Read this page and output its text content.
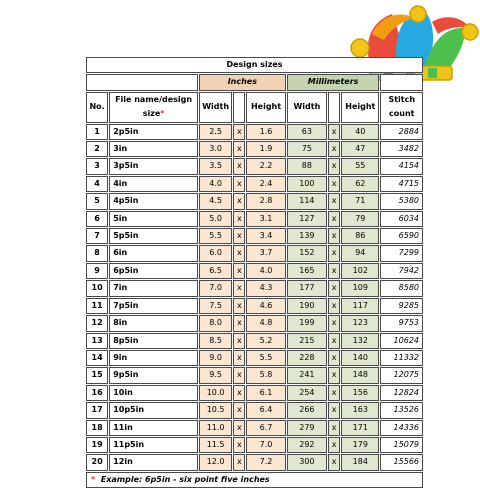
Design sizes								
		Inches			Millimeters			
No.	File name/design size*	Width		Height	Width		Height	Stitch count
1	2p5in	2.5	x	1.6	63	x	40	2884
2	3in	3.0	x	1.9	75	x	47	3482
3	3p5in	3.5	x	2.2	88	x	55	4154
4	4in	4.0	x	2.4	100	x	62	4715
5	4p5in	4.5	x	2.8	114	x	71	5380
6	5in	5.0	x	3.1	127	x	79	6034
7	5p5in	5.5	x	3.4	139	x	86	6590
8	6in	6.0	x	3.7	152	x	94	7299
9	6p5in	6.5	x	4.0	165	x	102	7942
10	7in	7.0	x	4.3	177	x	109	8580
11	7p5in	7.5	x	4.6	190	x	117	9285
12	8in	8.0	x	4.8	199	x	123	9753
13	8p5in	8.5	x	5.2	215	x	132	10624
14	9in	9.0	x	5.5	228	x	140	11332
15	9p5in	9.5	x	5.8	241	x	148	12075
16	10in	10.0	x	6.1	254	x	156	12824
17	10p5in	10.5	x	6.4	266	x	163	13526
18	11in	11.0	x	6.7	279	x	171	14336
19	11p5in	11.5	x	7.0	292	x	179	15079
20	12in	12.0	x	7.2	300	x	184	15566
* Example: 6p5in - six point five inches								
